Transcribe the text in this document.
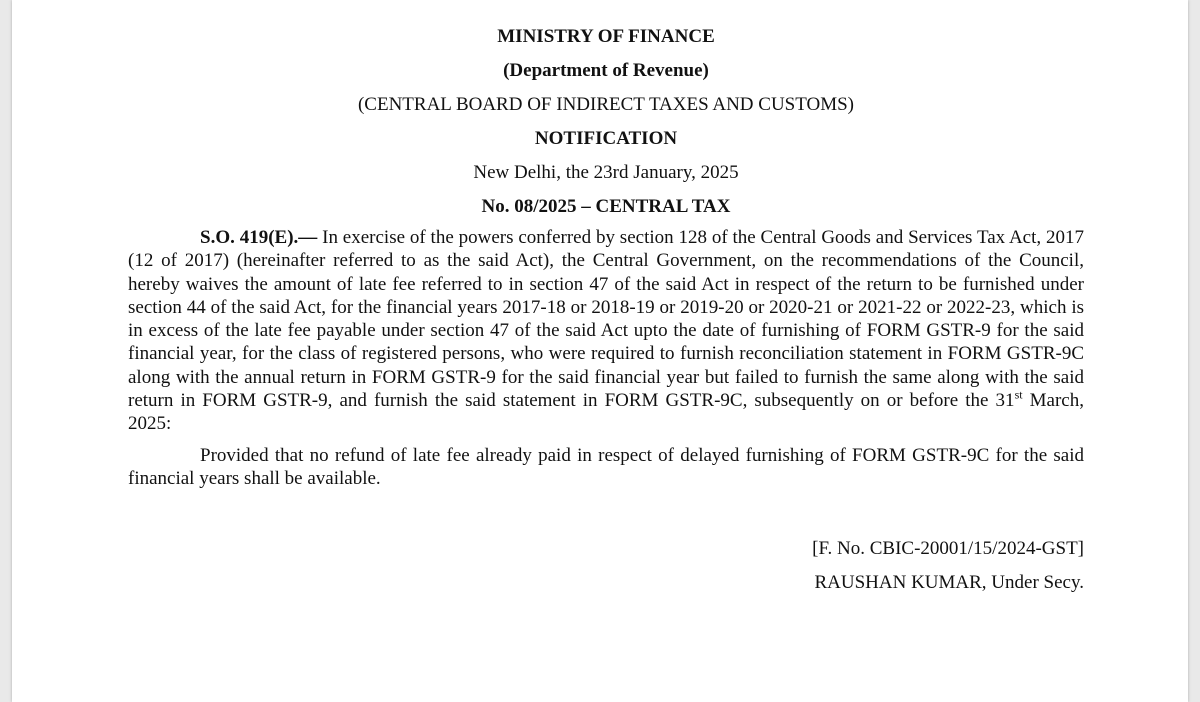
MINISTRY OF FINANCE
(Department of Revenue)
(CENTRAL BOARD OF INDIRECT TAXES AND CUSTOMS)
NOTIFICATION
New Delhi, the 23rd January, 2025
No. 08/2025 – CENTRAL TAX

S.O. 419(E).— In exercise of the powers conferred by section 128 of the Central Goods and Services Tax Act, 2017 (12 of 2017) (hereinafter referred to as the said Act), the Central Government, on the recommendations of the Council, hereby waives the amount of late fee referred to in section 47 of the said Act in respect of the return to be furnished under section 44 of the said Act, for the financial years 2017-18 or 2018-19 or 2019-20 or 2020-21 or 2021-22 or 2022-23, which is in excess of the late fee payable under section 47 of the said Act upto the date of furnishing of FORM GSTR-9 for the said financial year, for the class of registered persons, who were required to furnish reconciliation statement in FORM GSTR-9C along with the annual return in FORM GSTR-9 for the said financial year but failed to furnish the same along with the said return in FORM GSTR-9, and furnish the said statement in FORM GSTR-9C, subsequently on or before the 31st March, 2025:

Provided that no refund of late fee already paid in respect of delayed furnishing of FORM GSTR-9C for the said financial years shall be available.

[F. No. CBIC-20001/15/2024-GST]
RAUSHAN KUMAR, Under Secy.
